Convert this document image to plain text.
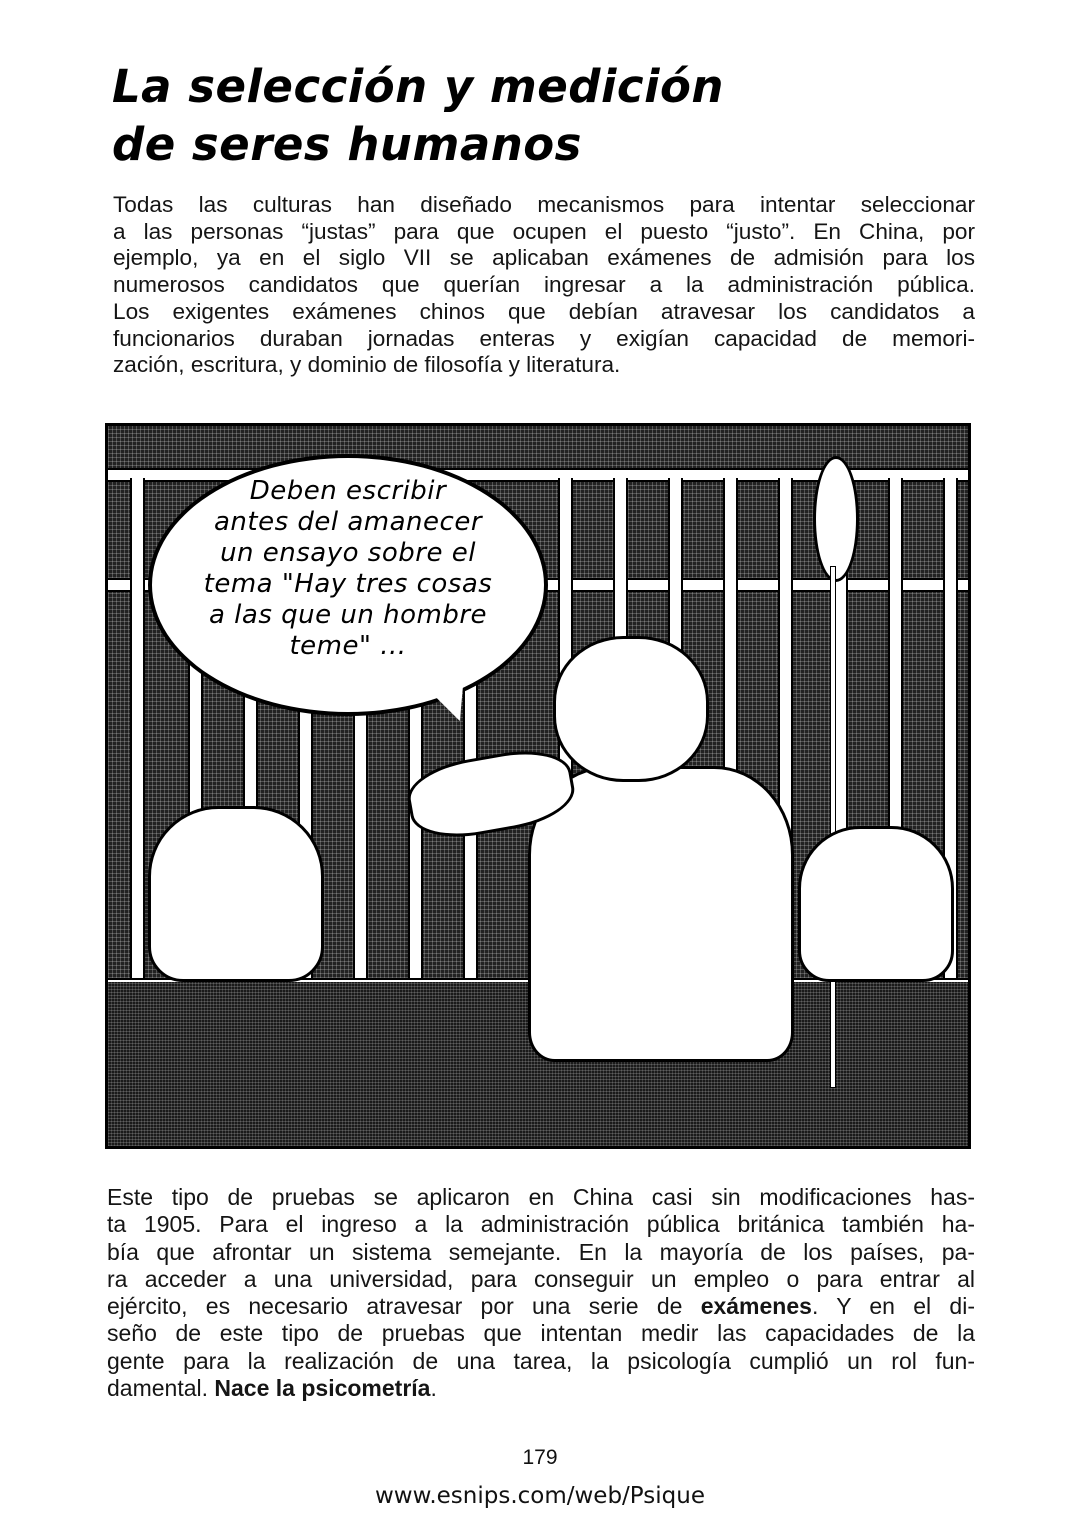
La selección y medición
de seres humanos

Todas las culturas han diseñado mecanismos para intentar seleccionar
a las personas “justas” para que ocupen el puesto “justo”. En China, por
ejemplo, ya en el siglo VII se aplicaban exámenes de admisión para los
numerosos candidatos que querían ingresar a la administración pública.
Los exigentes exámenes chinos que debían atravesar los candidatos a
funcionarios duraban jornadas enteras y exigían capacidad de memori-
zación, escritura, y dominio de filosofía y literatura.

Deben escribir
antes del amanecer
un ensayo sobre el
tema "Hay tres cosas
a las que un hombre
teme" ...

Este tipo de pruebas se aplicaron en China casi sin modificaciones has-
ta 1905. Para el ingreso a la administración pública británica también ha-
bía que afrontar un sistema semejante. En la mayoría de los países, pa-
ra acceder a una universidad, para conseguir un empleo o para entrar al
ejército, es necesario atravesar por una serie de exámenes. Y en el di-
seño de este tipo de pruebas que intentan medir las capacidades de la
gente para la realización de una tarea, la psicología cumplió un rol fun-
damental. Nace la psicometría.

179
www.esnips.com/web/Psique
